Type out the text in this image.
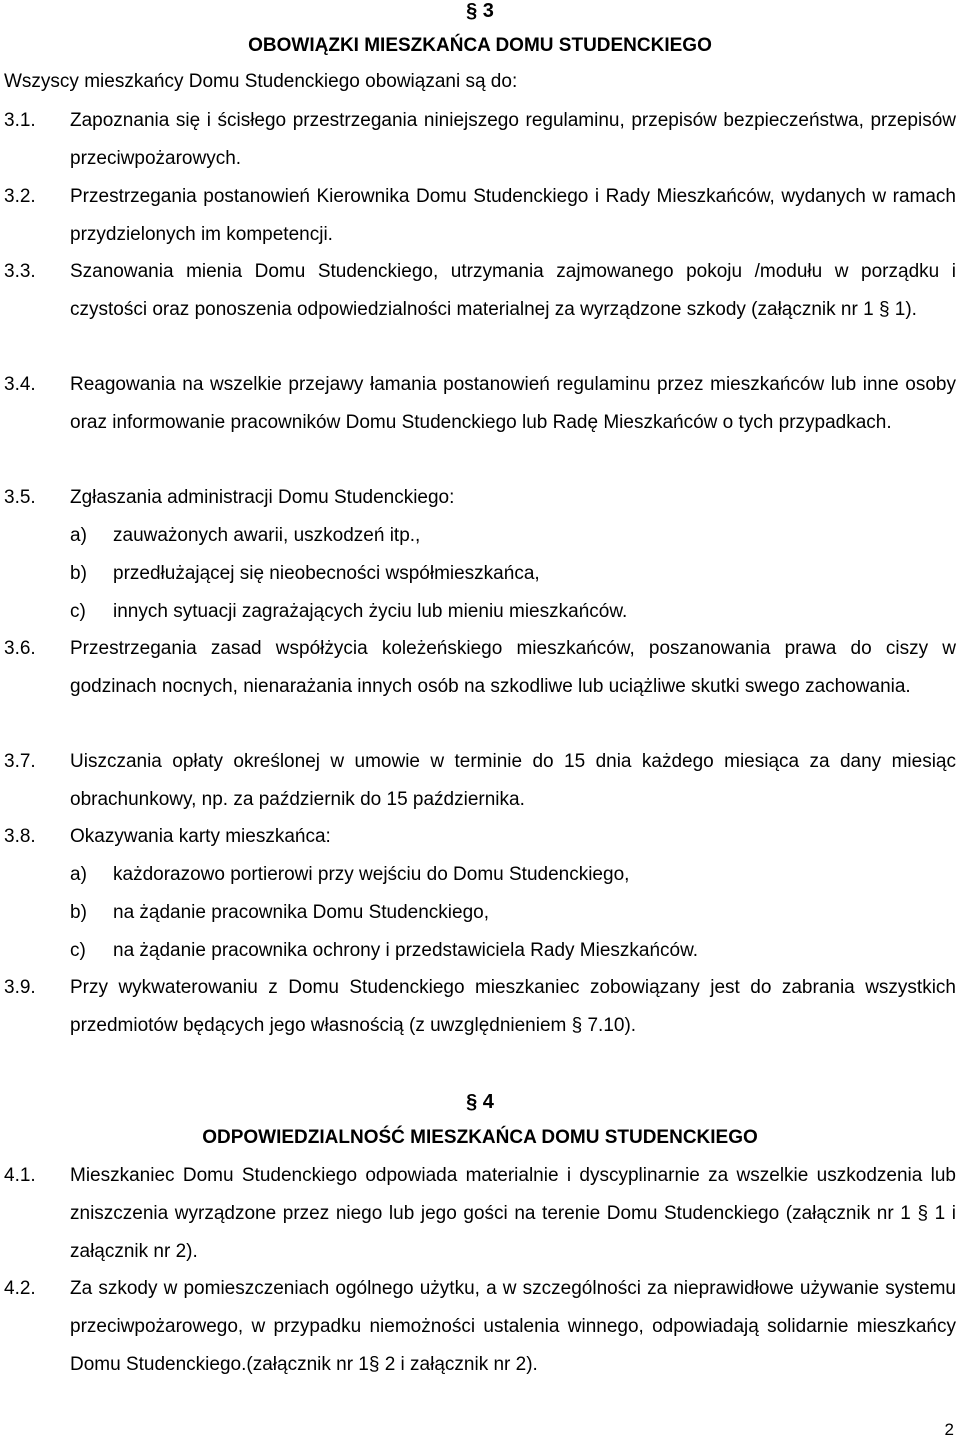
§ 3
OBOWIĄZKI MIESZKAŃCA DOMU STUDENCKIEGO
Wszyscy mieszkańcy Domu Studenckiego obowiązani są do:
3.1. Zapoznania się i ścisłego przestrzegania niniejszego regulaminu, przepisów bezpieczeństwa, przepisów przeciwpożarowych.
3.2. Przestrzegania postanowień Kierownika Domu Studenckiego i Rady Mieszkańców, wydanych w ramach przydzielonych im kompetencji.
3.3. Szanowania mienia Domu Studenckiego, utrzymania zajmowanego pokoju /modułu w porządku i czystości oraz ponoszenia odpowiedzialności materialnej za wyrządzone szkody (załącznik nr 1 § 1).
3.4. Reagowania na wszelkie przejawy łamania postanowień regulaminu przez mieszkańców lub inne osoby oraz informowanie pracowników Domu Studenckiego lub Radę Mieszkańców o tych przypadkach.
3.5. Zgłaszania administracji Domu Studenckiego:
a) zauważonych awarii, uszkodzeń itp.,
b) przedłużającej się nieobecności współmieszkańca,
c) innych sytuacji zagrażających życiu lub mieniu mieszkańców.
3.6. Przestrzegania zasad współżycia koleżeńskiego mieszkańców, poszanowania prawa do ciszy w godzinach nocnych, nienarażania innych osób na szkodliwe lub uciążliwe skutki swego zachowania.
3.7. Uiszczania opłaty określonej w umowie w terminie do 15 dnia każdego miesiąca za dany miesiąc obrachunkowy, np. za październik do 15 października.
3.8. Okazywania karty mieszkańca:
a) każdorazowo portierowi przy wejściu do Domu Studenckiego,
b) na żądanie pracownika Domu Studenckiego,
c) na żądanie pracownika ochrony i przedstawiciela Rady Mieszkańców.
3.9. Przy wykwaterowaniu z Domu Studenckiego mieszkaniec zobowiązany jest do zabrania wszystkich przedmiotów będących jego własnością (z uwzględnieniem § 7.10).
§ 4
ODPOWIEDZIALNOŚĆ MIESZKAŃCA DOMU STUDENCKIEGO
4.1. Mieszkaniec Domu Studenckiego odpowiada materialnie i dyscyplinarnie za wszelkie uszkodzenia lub zniszczenia wyrządzone przez niego lub jego gości na terenie Domu Studenckiego (załącznik nr 1 § 1 i załącznik nr 2).
4.2. Za szkody w pomieszczeniach ogólnego użytku, a w szczególności za nieprawidłowe używanie systemu przeciwpożarowego, w przypadku niemożności ustalenia winnego, odpowiadają solidarnie mieszkańcy Domu Studenckiego.(załącznik nr 1§ 2 i załącznik nr 2).
2
